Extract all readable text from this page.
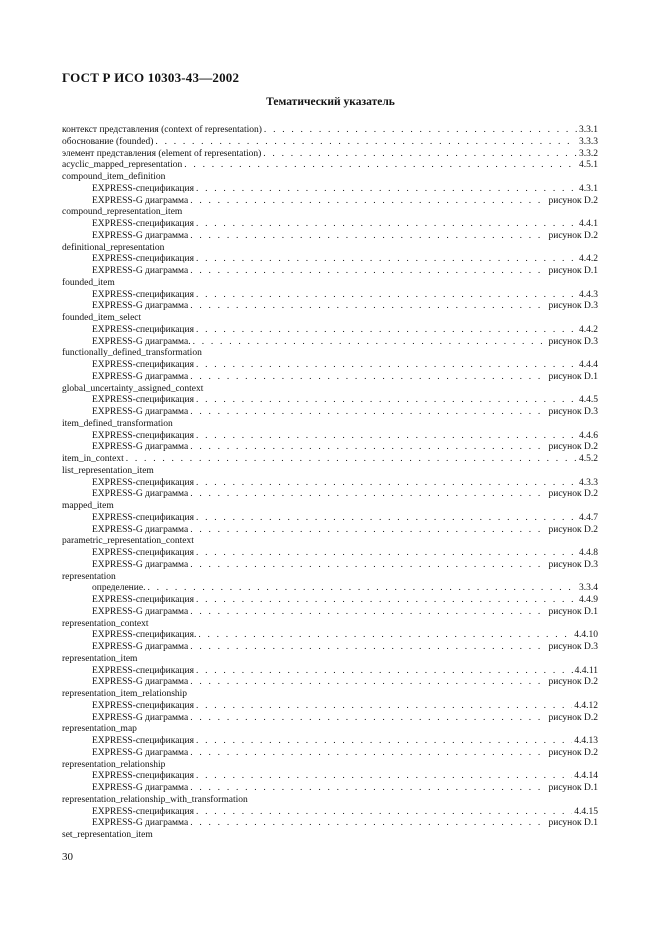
ГОСТ Р ИСО 10303-43—2002
Тематический указатель
контекст представления (context of representation) . . .	3.3.1
обоснование (founded) . . .	3.3.3
элемент представления (element of representation) . . .	3.3.2
acyclic_mapped_representation . . .	4.5.1
compound_item_definition
EXPRESS-спецификация . . .	4.3.1
EXPRESS-G диаграмма . . .	рисунок D.2
compound_representation_item
EXPRESS-спецификация . . .	4.4.1
EXPRESS-G диаграмма . . .	рисунок D.2
definitional_representation
EXPRESS-спецификация . . .	4.4.2
EXPRESS-G диаграмма . . .	рисунок D.1
founded_item
EXPRESS-спецификация . . .	4.4.3
EXPRESS-G диаграмма . . .	рисунок D.3
founded_item_select
EXPRESS-спецификация . . .	4.4.2
EXPRESS-G диаграмма. . . .	рисунок D.3
functionally_defined_transformation
EXPRESS-спецификация . . .	4.4.4
EXPRESS-G диаграмма . . .	рисунок D.1
global_uncertainty_assigned_context
EXPRESS-спецификация . . .	4.4.5
EXPRESS-G диаграмма . . .	рисунок D.3
item_defined_transformation
EXPRESS-спецификация . . .	4.4.6
EXPRESS-G диаграмма . . .	рисунок D.2
item_in_context . . .	4.5.2
list_representation_item
EXPRESS-спецификация . . .	4.3.3
EXPRESS-G диаграмма . . .	рисунок D.2
mapped_item
EXPRESS-спецификация . . .	4.4.7
EXPRESS-G диаграмма . . .	рисунок D.2
parametric_representation_context
EXPRESS-спецификация . . .	4.4.8
EXPRESS-G диаграмма . . .	рисунок D.3
representation
определение. . . .	3.3.4
EXPRESS-спецификация . . .	4.4.9
EXPRESS-G диаграмма . . .	рисунок D.1
representation_context
EXPRESS-спецификация. . . .	4.4.10
EXPRESS-G диаграмма . . .	рисунок D.3
representation_item
EXPRESS-спецификация . . .	4.4.11
EXPRESS-G диаграмма . . .	рисунок D.2
representation_item_relationship
EXPRESS-спецификация . . .	4.4.12
EXPRESS-G диаграмма . . .	рисунок D.2
representation_map
EXPRESS-спецификация . . .	4.4.13
EXPRESS-G диаграмма . . .	рисунок D.2
representation_relationship
EXPRESS-спецификация . . .	4.4.14
EXPRESS-G диаграмма . . .	рисунок D.1
representation_relationship_with_transformation
EXPRESS-спецификация . . .	4.4.15
EXPRESS-G диаграмма . . .	рисунок D.1
set_representation_item
30
